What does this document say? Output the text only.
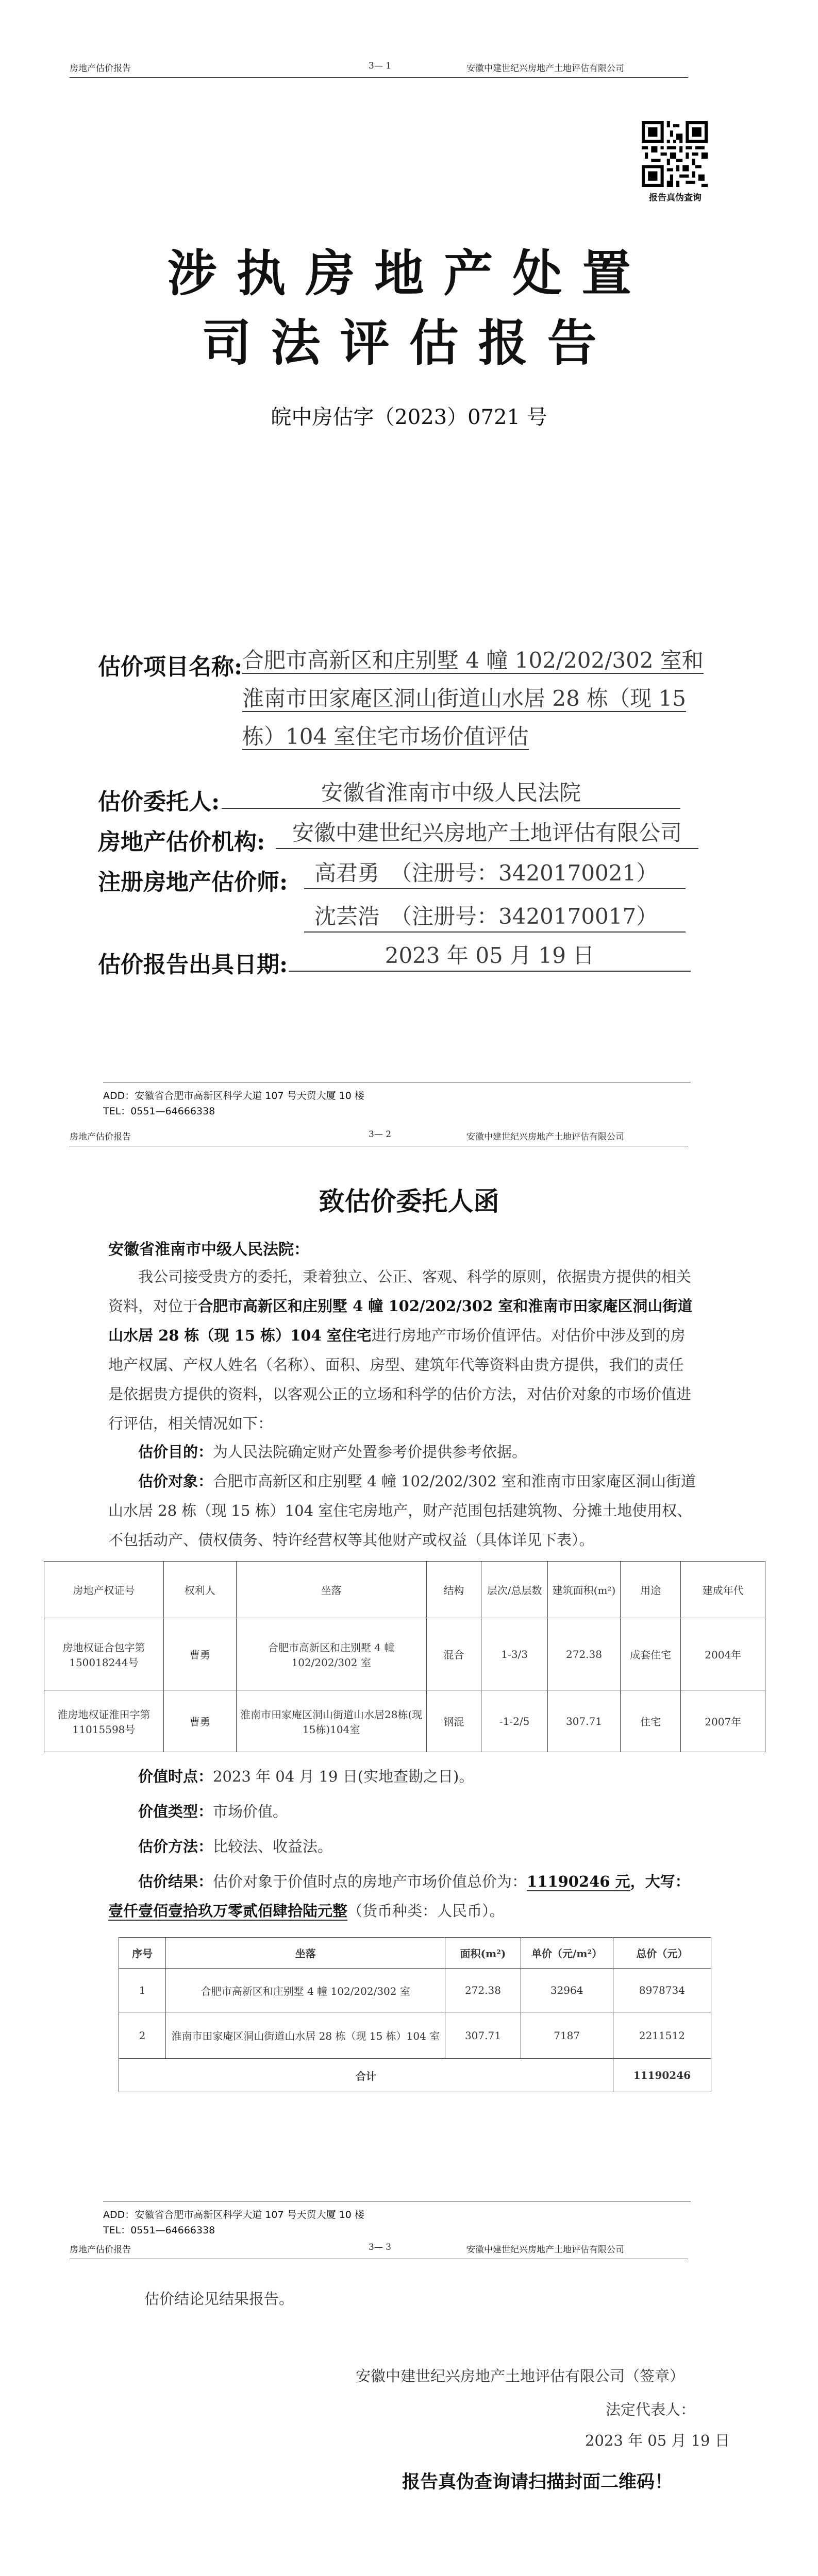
房地产估价报告	3— 1	安徽中建世纪兴房地产土地评估有限公司
报告真伪查询
涉执房地产处置
司法评估报告
皖中房估字（2023）0721 号
估价项目名称: 合肥市高新区和庄别墅 4 幢 102/202/302 室和淮南市田家庵区洞山街道山水居 28 栋（现 15 栋）104 室住宅市场价值评估
估价委托人:	安徽省淮南市中级人民法院
房地产估价机构:	安徽中建世纪兴房地产土地评估有限公司
注册房地产估价师:	高君勇　（注册号：3420170021）
沈芸浩　（注册号：3420170017）
估价报告出具日期:	2023 年 05 月 19 日
ADD：安徽省合肥市高新区科学大道 107 号天贸大厦 10 楼
TEL：0551—64666338
房地产估价报告	3— 2	安徽中建世纪兴房地产土地评估有限公司
致估价委托人函
安徽省淮南市中级人民法院：
我公司接受贵方的委托，秉着独立、公正、客观、科学的原则，依据贵方提供的相关资料，对位于合肥市高新区和庄别墅 4 幢 102/202/302 室和淮南市田家庵区洞山街道山水居 28 栋（现 15 栋）104 室住宅进行房地产市场价值评估。对估价中涉及到的房地产权属、产权人姓名（名称）、面积、房型、建筑年代等资料由贵方提供，我们的责任是依据贵方提供的资料，以客观公正的立场和科学的估价方法，对估价对象的市场价值进行评估，相关情况如下：
估价目的：为人民法院确定财产处置参考价提供参考依据。
估价对象：合肥市高新区和庄别墅 4 幢 102/202/302 室和淮南市田家庵区洞山街道山水居 28 栋（现 15 栋）104 室住宅房地产，财产范围包括建筑物、分摊土地使用权、不包括动产、债权债务、特许经营权等其他财产或权益（具体详见下表）。
房地产权证号	权利人	坐落	结构	层次/总层数	建筑面积(m²)	用途	建成年代
房地权证合包字第150018244号	曹勇	合肥市高新区和庄别墅 4 幢 102/202/302 室	混合	1-3/3	272.38	成套住宅	2004年
淮房地权证淮田字第11015598号	曹勇	淮南市田家庵区洞山街道山水居28栋(现15栋)104室	钢混	-1-2/5	307.71	住宅	2007年
价值时点：2023 年 04 月 19 日(实地查勘之日)。
价值类型：市场价值。
估价方法：比较法、收益法。
估价结果：估价对象于价值时点的房地产市场价值总价为：11190246 元，大写：壹仟壹佰壹拾玖万零贰佰肆拾陆元整（货币种类：人民币）。
序号	坐落	面积(m²)	单价（元/m²）	总价（元）
1	合肥市高新区和庄别墅 4 幢 102/202/302 室	272.38	32964	8978734
2	淮南市田家庵区洞山街道山水居 28 栋（现 15 栋）104 室	307.71	7187	2211512
合计				11190246
ADD：安徽省合肥市高新区科学大道 107 号天贸大厦 10 楼
TEL：0551—64666338
房地产估价报告	3— 3	安徽中建世纪兴房地产土地评估有限公司
估价结论见结果报告。
安徽中建世纪兴房地产土地评估有限公司（签章）
法定代表人：
2023 年 05 月 19 日
报告真伪查询请扫描封面二维码！
